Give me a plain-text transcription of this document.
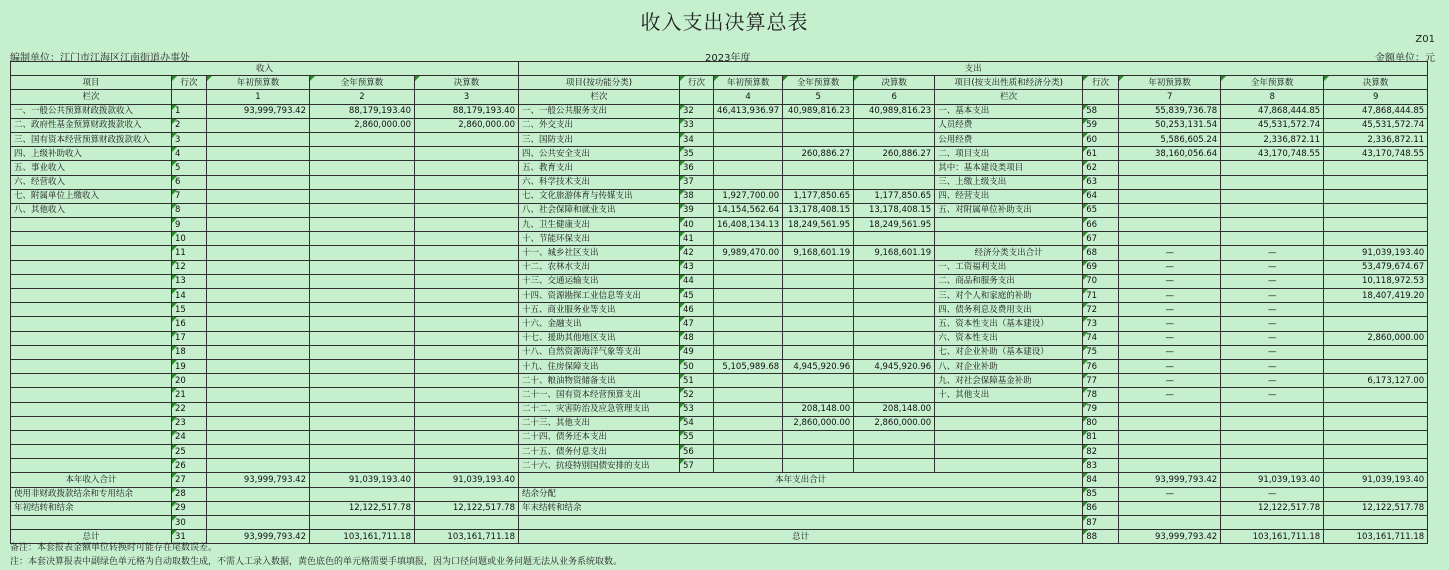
收入支出决算总表
Z01
编制单位：江门市江海区江南街道办事处	2023年度	金额单位：元
收入					支出									
项目	行次	年初预算数	全年预算数	决算数	项目(按功能分类)	行次	年初预算数	全年预算数	决算数	项目(按支出性质和经济分类)	行次	年初预算数	全年预算数	决算数
栏次		1	2	3	栏次		4	5	6	栏次		7	8	9
一、一般公共预算财政拨款收入	1	93,999,793.42	88,179,193.40	88,179,193.40	一、一般公共服务支出	32	46,413,936.97	40,989,816.23	40,989,816.23	一、基本支出	58	55,839,736.78	47,868,444.85	47,868,444.85
二、政府性基金预算财政拨款收入	2		2,860,000.00	2,860,000.00	二、外交支出	33				人员经费	59	50,253,131.54	45,531,572.74	45,531,572.74
三、国有资本经营预算财政拨款收入	3				三、国防支出	34				公用经费	60	5,586,605.24	2,336,872.11	2,336,872.11
四、上级补助收入	4				四、公共安全支出	35		260,886.27	260,886.27	二、项目支出	61	38,160,056.64	43,170,748.55	43,170,748.55
五、事业收入	5				五、教育支出	36				其中：基本建设类项目	62			
六、经营收入	6				六、科学技术支出	37				三、上缴上级支出	63			
七、附属单位上缴收入	7				七、文化旅游体育与传媒支出	38	1,927,700.00	1,177,850.65	1,177,850.65	四、经营支出	64			
八、其他收入	8				八、社会保障和就业支出	39	14,154,562.64	13,178,408.15	13,178,408.15	五、对附属单位补助支出	65			
	9				九、卫生健康支出	40	16,408,134.13	18,249,561.95	18,249,561.95		66			
	10				十、节能环保支出	41					67			
	11				十一、城乡社区支出	42	9,989,470.00	9,168,601.19	9,168,601.19	经济分类支出合计	68	—	—	91,039,193.40
	12				十二、农林水支出	43				一、工资福利支出	69	—	—	53,479,674.67
	13				十三、交通运输支出	44				二、商品和服务支出	70	—	—	10,118,972.53
	14				十四、资源勘探工业信息等支出	45				三、对个人和家庭的补助	71	—	—	18,407,419.20
	15				十五、商业服务业等支出	46				四、债务利息及费用支出	72	—	—	
	16				十六、金融支出	47				五、资本性支出（基本建设）	73	—	—	
	17				十七、援助其他地区支出	48				六、资本性支出	74	—	—	2,860,000.00
	18				十八、自然资源海洋气象等支出	49				七、对企业补助（基本建设）	75	—	—	
	19				十九、住房保障支出	50	5,105,989.68	4,945,920.96	4,945,920.96	八、对企业补助	76	—	—	
	20				二十、粮油物资储备支出	51				九、对社会保障基金补助	77	—	—	6,173,127.00
	21				二十一、国有资本经营预算支出	52				十、其他支出	78	—	—	
	22				二十二、灾害防治及应急管理支出	53		208,148.00	208,148.00		79			
	23				二十三、其他支出	54		2,860,000.00	2,860,000.00		80			
	24				二十四、债务还本支出	55					81			
	25				二十五、债务付息支出	56					82			
	26				二十六、抗疫特别国债安排的支出	57					83			
本年收入合计	27	93,999,793.42	91,039,193.40	91,039,193.40	本年支出合计						84	93,999,793.42	91,039,193.40	91,039,193.40
使用非财政拨款结余和专用结余	28				结余分配						85	—	—	
年初结转和结余	29		12,122,517.78	12,122,517.78	年末结转和结余						86		12,122,517.78	12,122,517.78
	30										87			
总计	31	93,999,793.42	103,161,711.18	103,161,711.18	总计						88	93,999,793.42	103,161,711.18	103,161,711.18
备注：本套报表金额单位转换时可能存在尾数误差。
注：本套决算报表中副绿色单元格为自动取数生成，不需人工录入数据，黄色底色的单元格需要手填填报，因为口径问题或业务问题无法从业务系统取数。
